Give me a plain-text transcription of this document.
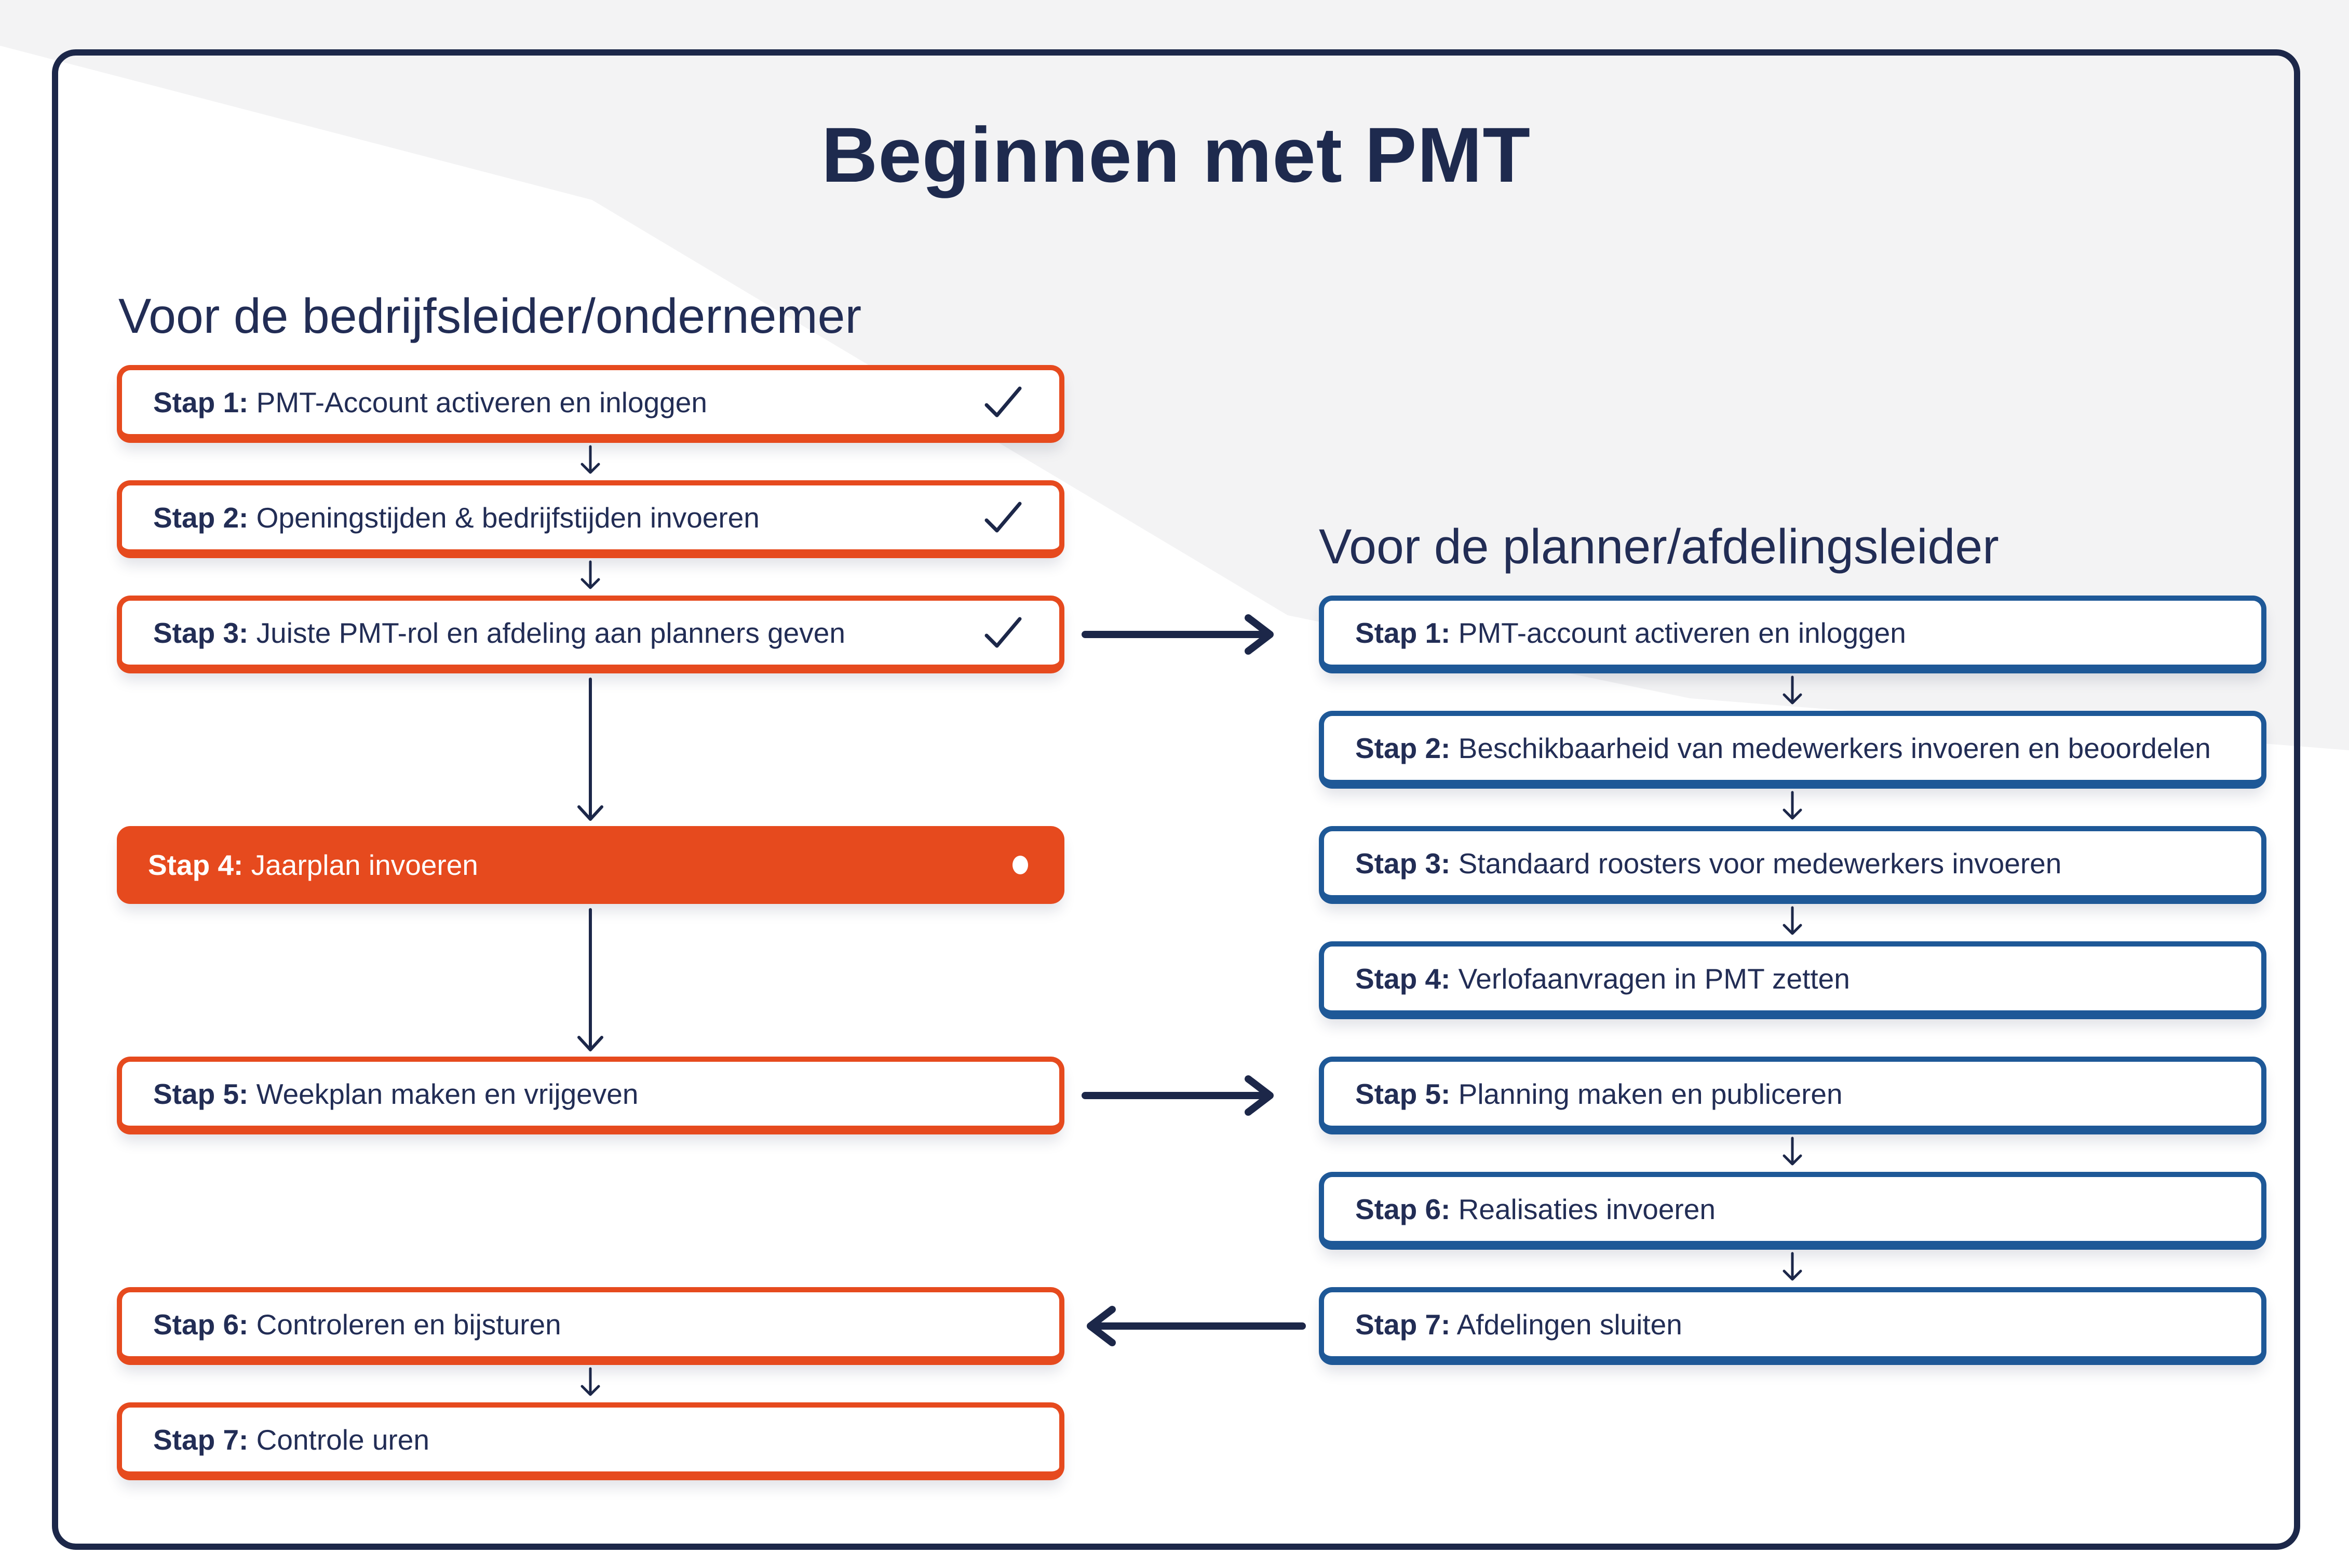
Beginnen met PMT
Voor de bedrijfsleider/ondernemer
Voor de planner/afdelingsleider
Stap 1: PMT-Account activeren en inloggen
Stap 2: Openingstijden & bedrijfstijden invoeren
Stap 3: Juiste PMT-rol en afdeling aan planners geven
Stap 4: Jaarplan invoeren
Stap 5: Weekplan maken en vrijgeven
Stap 6: Controleren en bijsturen
Stap 7: Controle uren
Stap 1: PMT-account activeren en inloggen
Stap 2: Beschikbaarheid van medewerkers invoeren en beoordelen
Stap 3: Standaard roosters voor medewerkers invoeren
Stap 4: Verlofaanvragen in PMT zetten
Stap 5: Planning maken en publiceren
Stap 6: Realisaties invoeren
Stap 7: Afdelingen sluiten
